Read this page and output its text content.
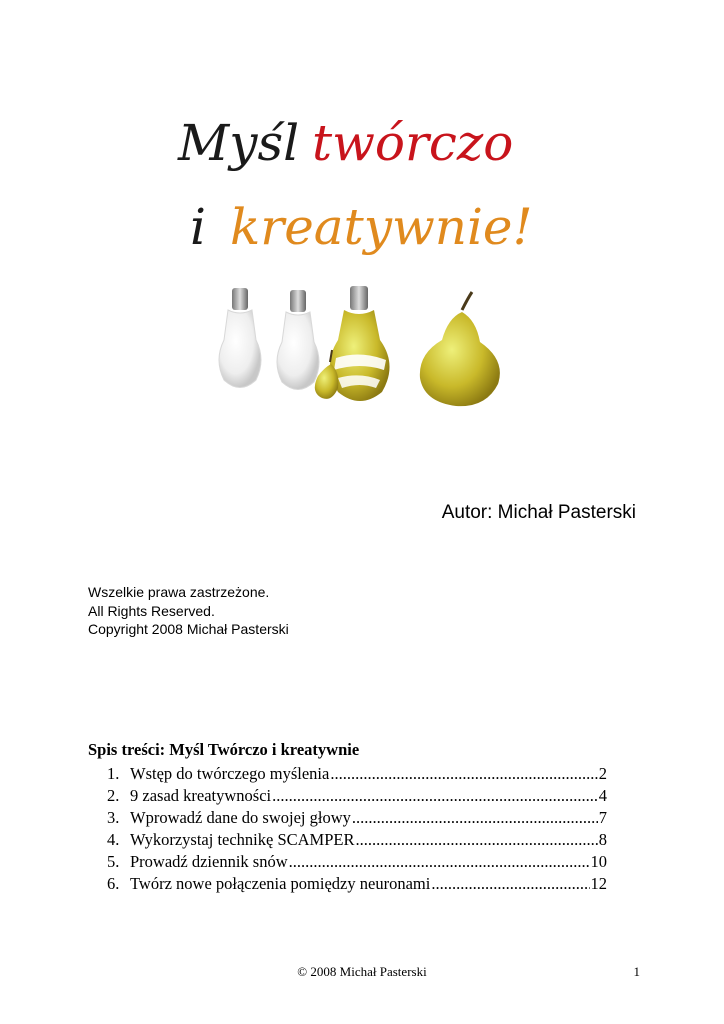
Myśl twórczo
i kreatywnie!
Autor: Michał Pasterski
Wszelkie prawa zastrzeżone.
All Rights Reserved.
Copyright 2008 Michał Pasterski
Spis treści: Myśl Twórczo i kreatywnie
1. Wstęp do twórczego myślenia .....	2
2. 9 zasad kreatywności .....	4
3. Wprowadź dane do swojej głowy .....	7
4. Wykorzystaj technikę SCAMPER .....	8
5. Prowadź dziennik snów .....	10
6. Twórz nowe połączenia pomiędzy neuronami .....	12
© 2008 Michał Pasterski	1
